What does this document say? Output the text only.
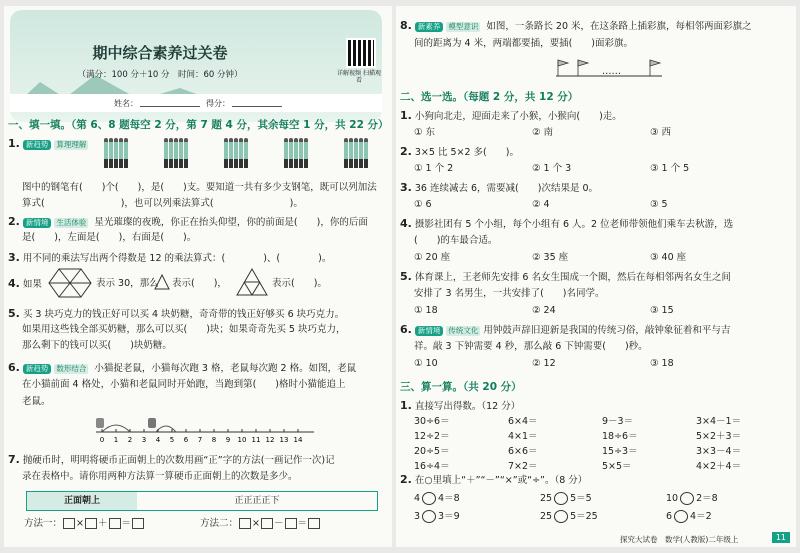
期中综合素养过关卷
（满分：100 分＋10 分　时间：60 分钟）	详解视频 扫描观看
姓名：	得分：
一、填一填。（第 6、8 题每空 2 分，第 7 题 4 分，其余每空 1 分，共 22 分）
1. 新趋势 算理理解
图中的钢笔有(　　)个(　　)，是(　　)支。要知道一共有多少支钢笔，既可以列加法
算式(　　　　　　　　)，也可以列乘法算式(　　　　　　　　)。
2. 新情境 生活体验 星光璀璨的夜晚，你正在抬头仰望，你的前面是(　　)，你的后面
是(　　)，左面是(　　)，右面是(　　)。
3. 用不同的乘法写出两个得数是 12 的乘法算式：(　　　　)、(　　　　)。
4. 如果	表示 30，那么 表示(　　)，	表示(　　)。
5. 买 3 块巧克力的钱正好可以买 4 块奶糖，奇奇带的钱正好够买 6 块巧克力。
如果用这些钱全部买奶糖，那么可以买(　　)块；如果奇奇先买 5 块巧克力，
那么剩下的钱可以买(　　)块奶糖。
6. 新趋势 数形结合 小猫捉老鼠，小猫每次跑 3 格，老鼠每次跑 2 格。如图，老鼠
在小猫前面 4 格处，小猫和老鼠同时开始跑，当跑到第(　　)格时小猫能追上
老鼠。
0 1 2 3 4 5 6 7 8 9 10 11 12 13 14
7. 抛硬币时，明明将硬币正面朝上的次数用画“正”字的方法(一画记作一次)记
录在表格中。请你用两种方法算一算硬币正面朝上的次数是多少。
正面朝上	正正正正下
方法一： × ＋ ＝	方法二： × － ＝
8. 新素养 模型意识 如图，一条路长 20 米，在这条路上插彩旗，每相邻两面彩旗之
间的距离为 4 米，两端都要插，要插(　　)面彩旗。
……
二、选一选。（每题 2 分，共 12 分）
1. 小狗向北走，迎面走来了小猴，小猴向(　　)走。
① 东	② 南	③ 西
2. 3×5 比 5×2 多(　　)。
① 1 个 2	② 1 个 3	③ 1 个 5
3. 36 连续减去 6，需要减(　　)次结果是 0。
① 6	② 4	③ 5
4. 摄影社团有 5 个小组，每个小组有 6 人。2 位老师带领他们乘车去秋游，选
(　　)的车最合适。
① 20 座	② 35 座	③ 40 座
5. 体育课上，王老师先安排 6 名女生围成一个圈，然后在每相邻两名女生之间
安排了 3 名男生，一共安排了(　　)名同学。
① 18	② 24	③ 15
6. 新情境 传统文化 用钟鼓声辞旧迎新是我国的传统习俗，敲钟象征着和平与吉
祥。敲 3 下钟需要 4 秒，那么敲 6 下钟需要(　　)秒。
① 10	② 12	③ 18
三、算一算。（共 20 分）
1. 直接写出得数。（12 分）
30÷6＝	6×4＝	9－3＝	3×4－1＝
12÷2＝	4×1＝	18÷6＝	5×2＋3＝
20÷5＝	6×6＝	15÷3＝	3×3－4＝
16÷4＝	7×2＝	5×5＝	4×2＋4＝
2. 在○里填上“＋”“－”“×”或“÷”。（8 分）
4 4＝8	25 5＝5	10 2＝8
3 3＝9	25 5＝25	6 4＝2
探究大试卷　数学(人教版)二年级上	11
